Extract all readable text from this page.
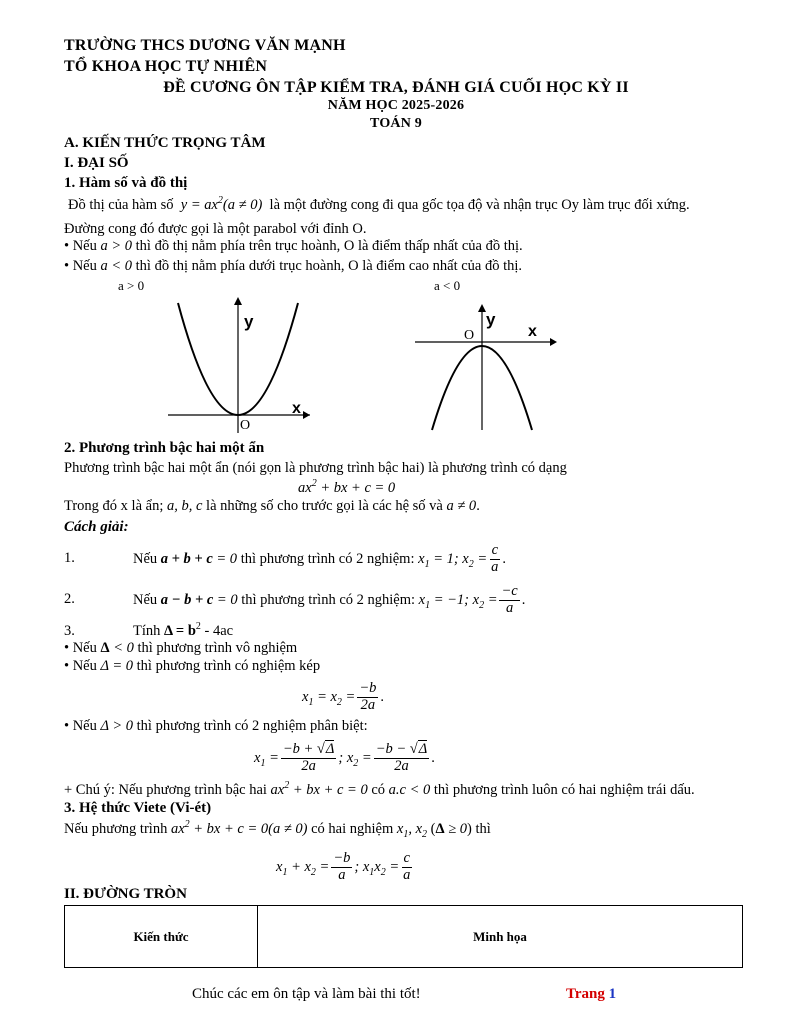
TRƯỜNG THCS DƯƠNG VĂN MẠNH
TỔ KHOA HỌC TỰ NHIÊN
ĐỀ CƯƠNG ÔN TẬP KIỂM TRA, ĐÁNH GIÁ CUỐI HỌC KỲ II
NĂM HỌC 2025-2026
TOÁN 9
A. KIẾN THỨC TRỌNG TÂM
I. ĐẠI SỐ
1. Hàm số và đồ thị
Đồ thị của hàm số  $y = ax^2(a \ne 0)$  là một đường cong đi qua gốc tọa độ và nhận trục Oy làm trục đối xứng.
Đường cong đó được gọi là một parabol với đỉnh O.
• Nếu a > 0 thì đồ thị nằm phía trên trục hoành, O là điểm thấp nhất của đồ thị.
• Nếu a < 0 thì đồ thị nằm phía dưới trục hoành, O là điểm cao nhất của đồ thị.
a > 0	a < 0
y
x
O
y
x
O
2. Phương trình bậc hai một ẩn
Phương trình bậc hai một ẩn (nói gọn là phương trình bậc hai) là phương trình có dạng
$ax^2$ + bx + c = 0
Trong đó x là ẩn; a, b, c là những số cho trước gọi là các hệ số và a ≠ 0.
Cách giải:
1.	Nếu
a + b + c
= 0
thì phương trình có 2 nghiệm:
$x_1 = 1$; $x_2 = \frac{c}{a}$ .
2.	Nếu
a − b + c
= 0
thì phương trình có 2 nghiệm:
$x_1 = -1$; $x_2 = \frac{-c}{a}$ .
3.	Tính $\Delta = b^2 - 4ac$
• Nếu Δ < 0 thì phương trình vô nghiệm
• Nếu Δ = 0 thì phương trình có nghiệm kép
$x_1 = x_2 = \frac{-b}{2a}$ .
• Nếu Δ > 0 thì phương trình có 2 nghiệm phân biệt:
$x_1 = \frac{-b + √\Delta}{2a}$ ; $x_2 = \frac{-b - √\Delta}{2a}$ .
+ Chú ý: Nếu phương trình bậc hai $ax^2$ + bx + c = 0 có a.c < 0 thì phương trình luôn có hai nghiệm trái dấu.
3. Hệ thức Viete (Vi-ét)
Nếu phương trình $ax^2$ + bx + c = 0(a ≠ 0) có hai nghiệm $x_1$, $x_2$ (Δ ≥ 0) thì
$x_1 + x_2 = \frac{-b}{a}$ ; $x_1x_2 = \frac{c}{a}$
II. ĐƯỜNG TRÒN
Kiến thức	Minh họa
Chúc các em ôn tập và làm bài thi tốt!	Trang 1
